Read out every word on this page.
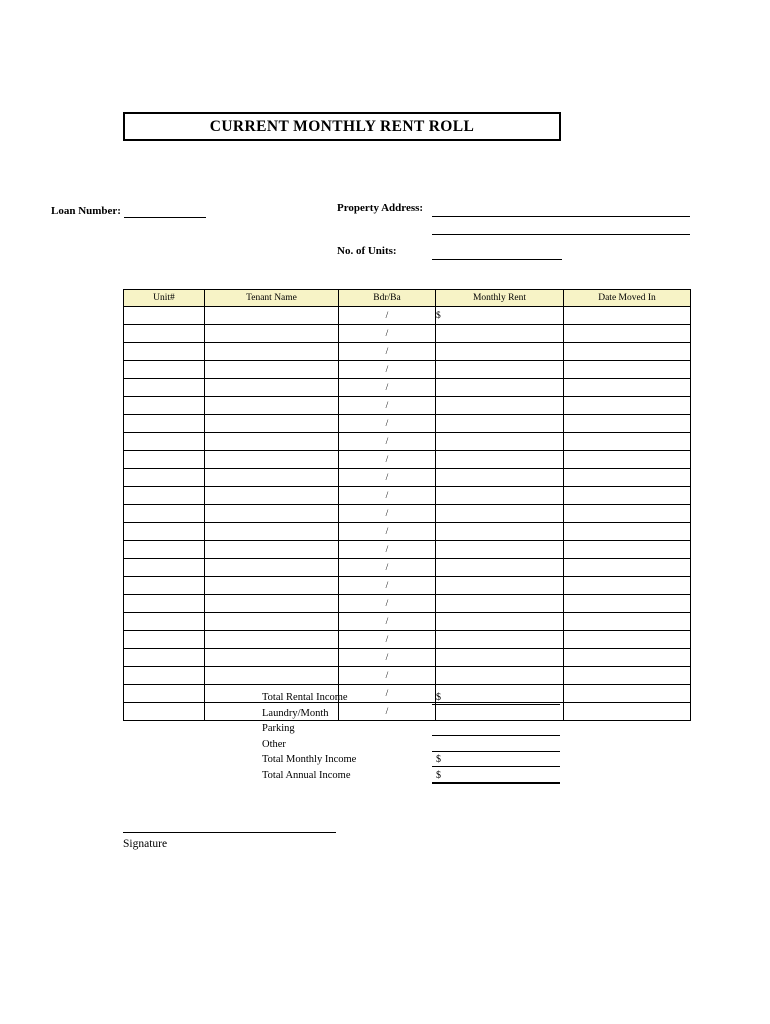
CURRENT MONTHLY RENT ROLL
Loan Number:	Property Address:
No. of Units:
Unit#	Tenant Name	Bdr/Ba	Monthly Rent	Date Moved In
		/	$	
		/		
		/		
		/		
		/		
		/		
		/		
		/		
		/		
		/		
		/		
		/		
		/		
		/		
		/		
		/		
		/		
		/		
		/		
		/		
		/		
		/		
		/		
Total Rental Income	$
Laundry/Month
Parking
Other
Total Monthly Income	$
Total Annual Income	$
Signature
